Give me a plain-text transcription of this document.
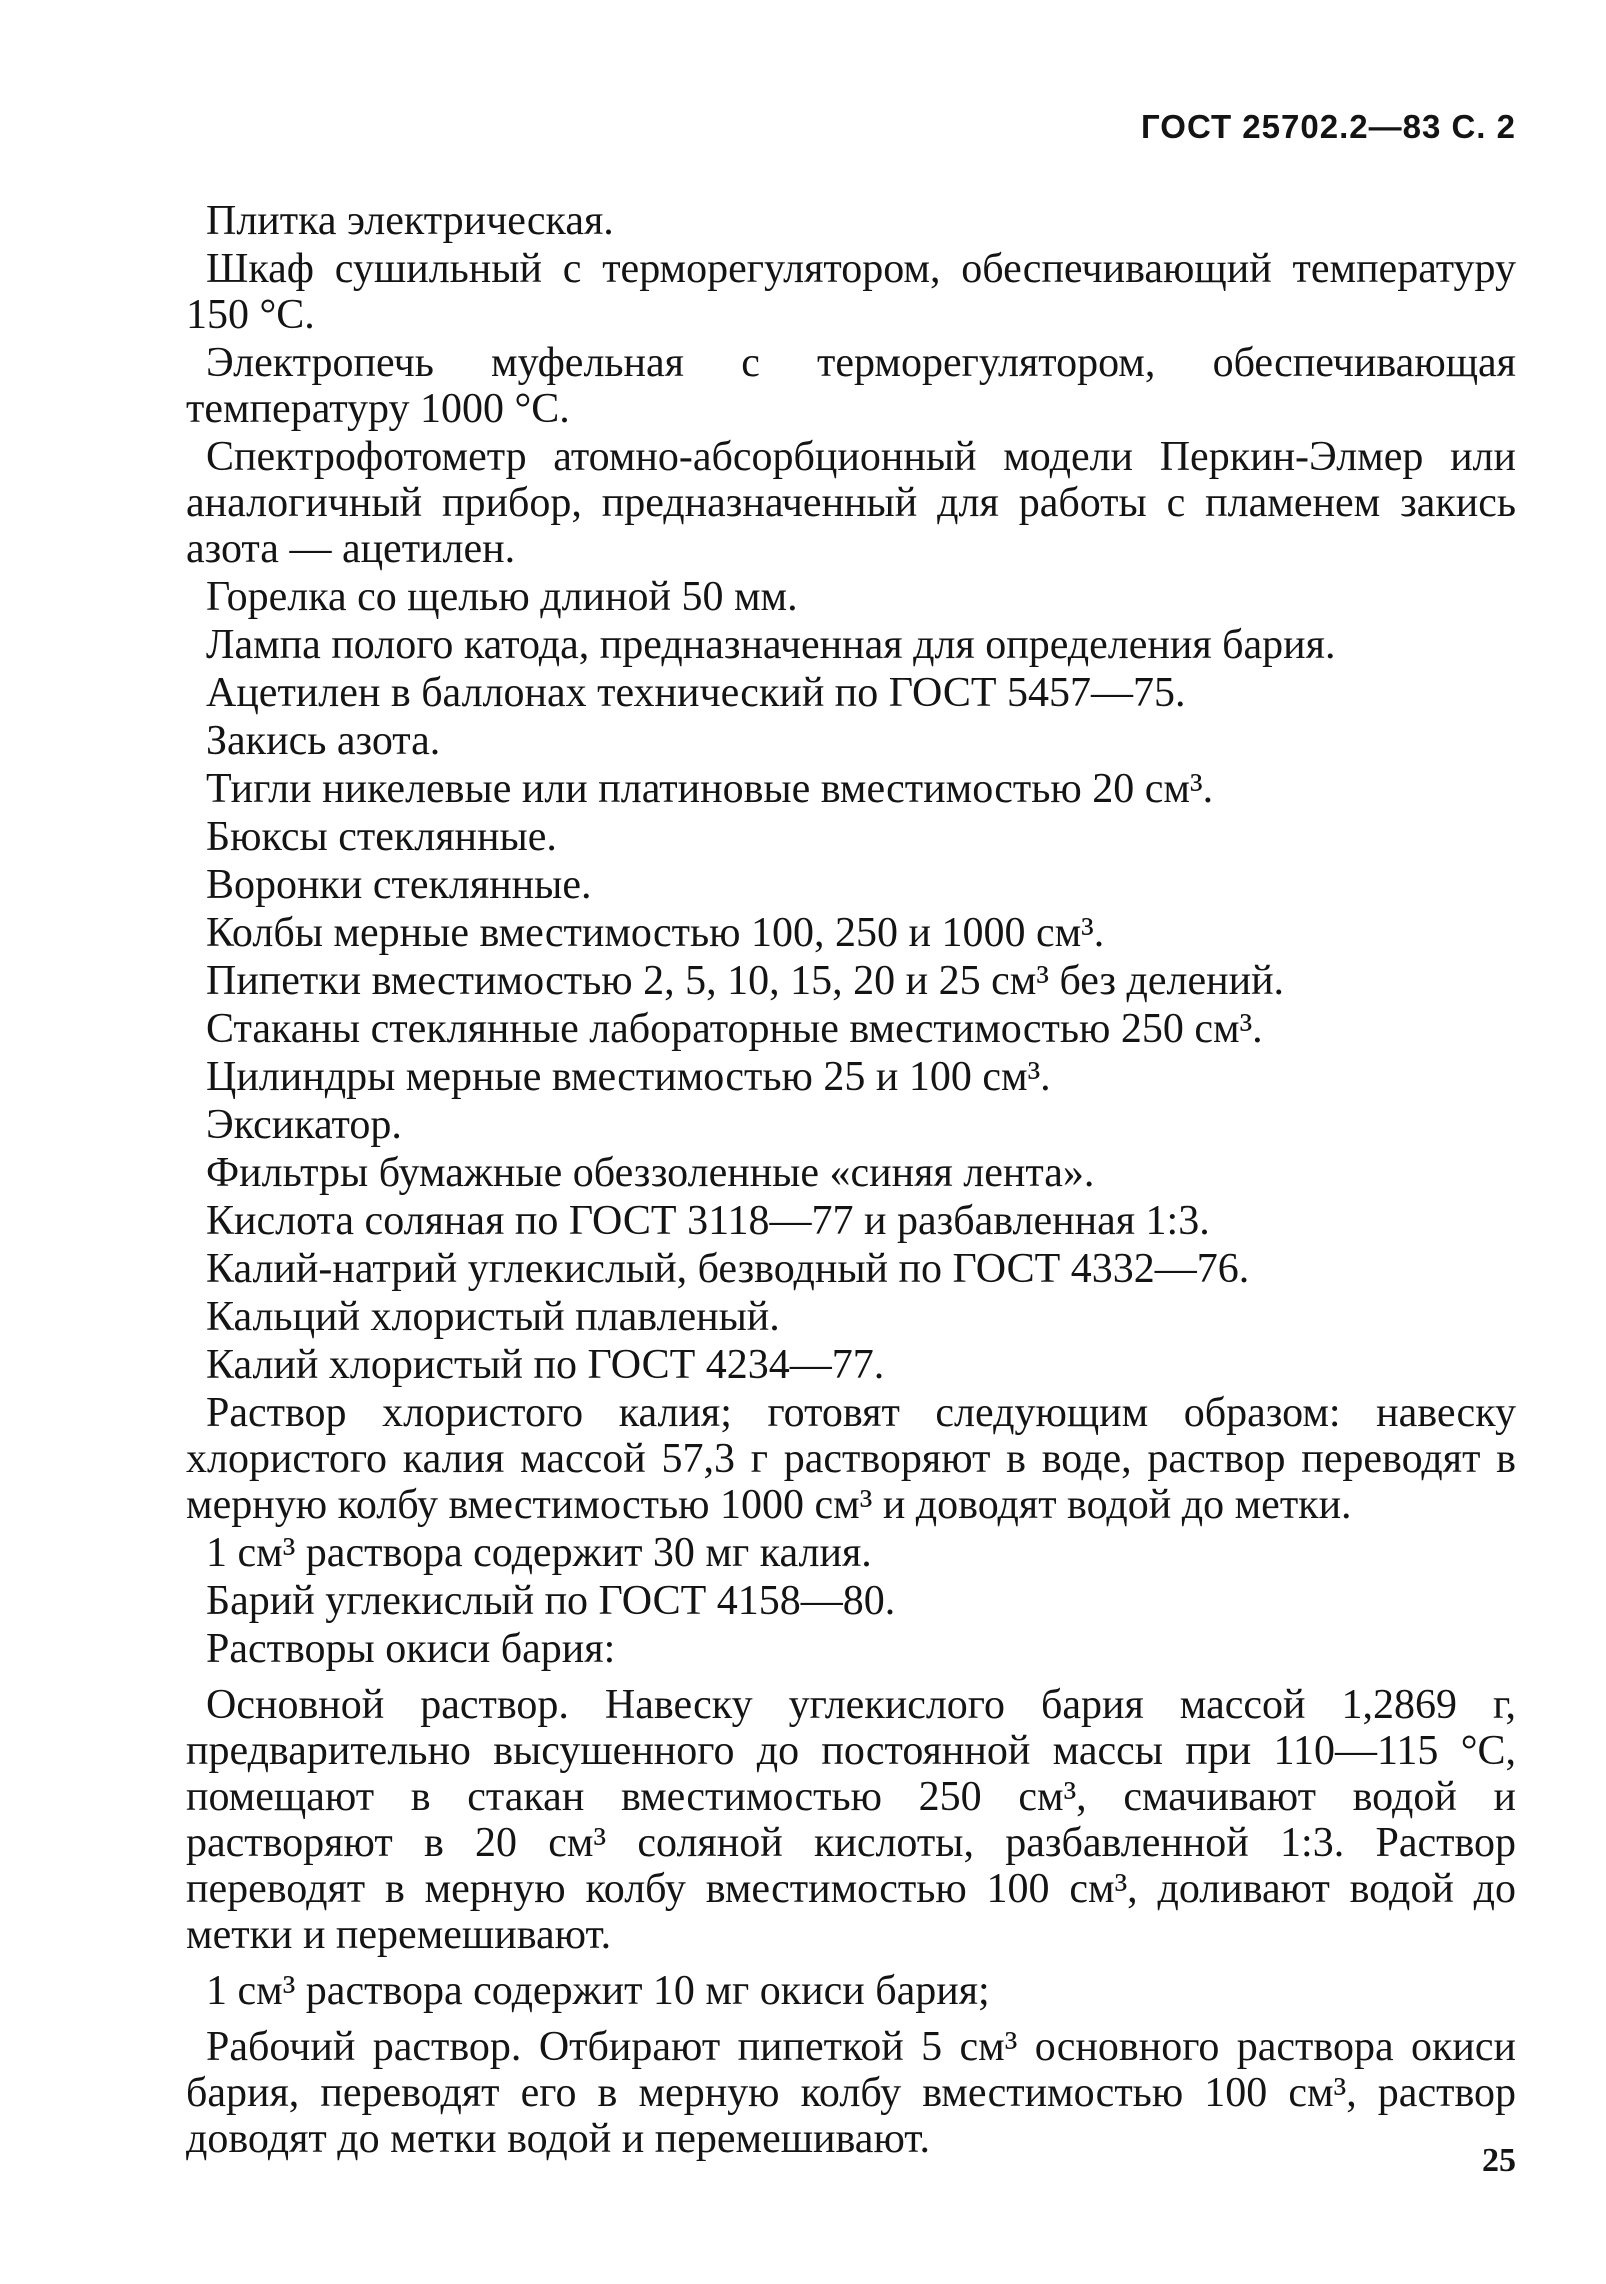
ГОСТ 25702.2—83 С. 2

Плитка электрическая.

Шкаф сушильный с терморегулятором, обеспечивающий температуру 150 °С.

Электропечь муфельная с терморегулятором, обеспечивающая температуру 1000 °С.

Спектрофотометр атомно-абсорбционный модели Перкин-Элмер или аналогичный прибор, предназначенный для работы с пламенем закись азота — ацетилен.

Горелка со щелью длиной 50 мм.

Лампа полого катода, предназначенная для определения бария.

Ацетилен в баллонах технический по ГОСТ 5457—75.

Закись азота.

Тигли никелевые или платиновые вместимостью 20 см³.

Бюксы стеклянные.

Воронки стеклянные.

Колбы мерные вместимостью 100, 250 и 1000 см³.

Пипетки вместимостью 2, 5, 10, 15, 20 и 25 см³ без делений.

Стаканы стеклянные лабораторные вместимостью 250 см³.

Цилиндры мерные вместимостью 25 и 100 см³.

Эксикатор.

Фильтры бумажные обеззоленные «синяя лента».

Кислота соляная по ГОСТ 3118—77 и разбавленная 1:3.

Калий-натрий углекислый, безводный по ГОСТ 4332—76.

Кальций хлористый плавленый.

Калий хлористый по ГОСТ 4234—77.

Раствор хлористого калия; готовят следующим образом: навеску хлористого калия массой 57,3 г растворяют в воде, раствор переводят в мерную колбу вместимостью 1000 см³ и доводят водой до метки.

1 см³ раствора содержит 30 мг калия.

Барий углекислый по ГОСТ 4158—80.

Растворы окиси бария:

Основной раствор. Навеску углекислого бария массой 1,2869 г, предварительно высушенного до постоянной массы при 110—115 °С, помещают в стакан вместимостью 250 см³, смачивают водой и растворяют в 20 см³ соляной кислоты, разбавленной 1:3. Раствор переводят в мерную колбу вместимостью 100 см³, доливают водой до метки и перемешивают.

1 см³ раствора содержит 10 мг окиси бария;

Рабочий раствор. Отбирают пипеткой 5 см³ основного раствора окиси бария, переводят его в мерную колбу вместимостью 100 см³, раствор доводят до метки водой и перемешивают.	25
